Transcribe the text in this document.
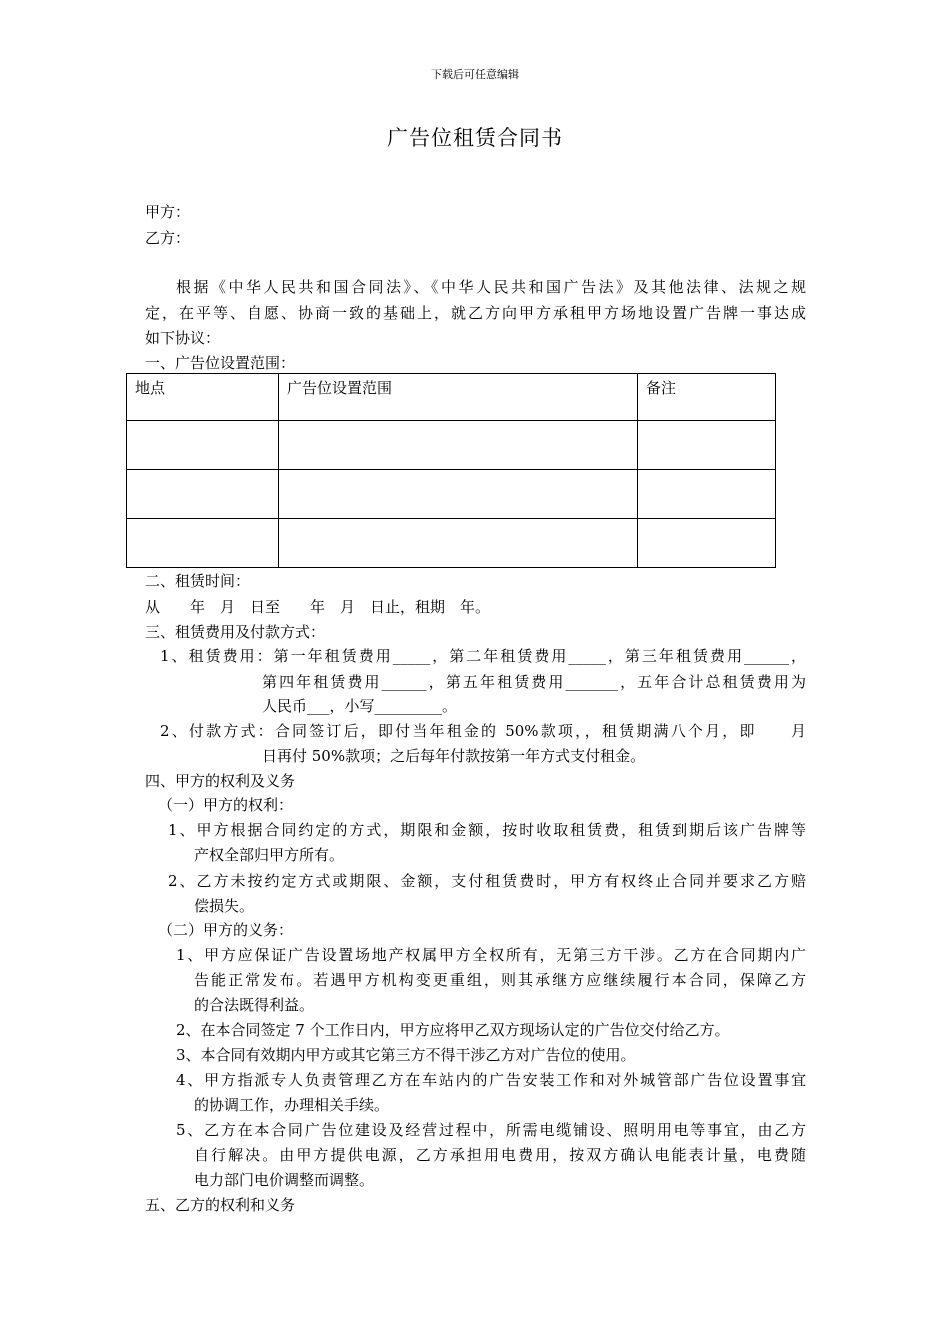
下载后可任意编辑
广告位租赁合同书
甲方：
乙方：
根据《中华人民共和国合同法》、《中华人民共和国广告法》及其他法律、法规之规
定，在平等、自愿、协商一致的基础上，就乙方向甲方承租甲方场地设置广告牌一事达成
如下协议：
一、广告位设置范围：
地点	广告位设置范围	备注

二、租赁时间：
从　　年　月　日至　　年　月　日止，租期　年。
三、租赁费用及付款方式：
1、租赁费用：第一年租赁费用_____，第二年租赁费用_____，第三年租赁费用______，
第四年租赁费用______，第五年租赁费用_______，五年合计总租赁费用为
人民币___，小写_________。
2、付款方式：合同签订后，即付当年租金的 50%款项，，租赁期满八个月，即　　月
日再付 50%款项；之后每年付款按第一年方式支付租金。
四、甲方的权利及义务
（一）甲方的权利：
1、甲方根据合同约定的方式，期限和金额，按时收取租赁费，租赁到期后该广告牌等
产权全部归甲方所有。
2、乙方未按约定方式或期限、金额，支付租赁费时，甲方有权终止合同并要求乙方赔
偿损失。
（二）甲方的义务：
1、甲方应保证广告设置场地产权属甲方全权所有，无第三方干涉。乙方在合同期内广
告能正常发布。若遇甲方机构变更重组，则其承继方应继续履行本合同，保障乙方
的合法既得利益。
2、在本合同签定 7 个工作日内，甲方应将甲乙双方现场认定的广告位交付给乙方。
3、本合同有效期内甲方或其它第三方不得干涉乙方对广告位的使用。
4、甲方指派专人负责管理乙方在车站内的广告安装工作和对外城管部广告位设置事宜
的协调工作，办理相关手续。
5、乙方在本合同广告位建设及经营过程中，所需电缆铺设、照明用电等事宜，由乙方
自行解决。由甲方提供电源，乙方承担用电费用，按双方确认电能表计量，电费随
电力部门电价调整而调整。
五、乙方的权利和义务
